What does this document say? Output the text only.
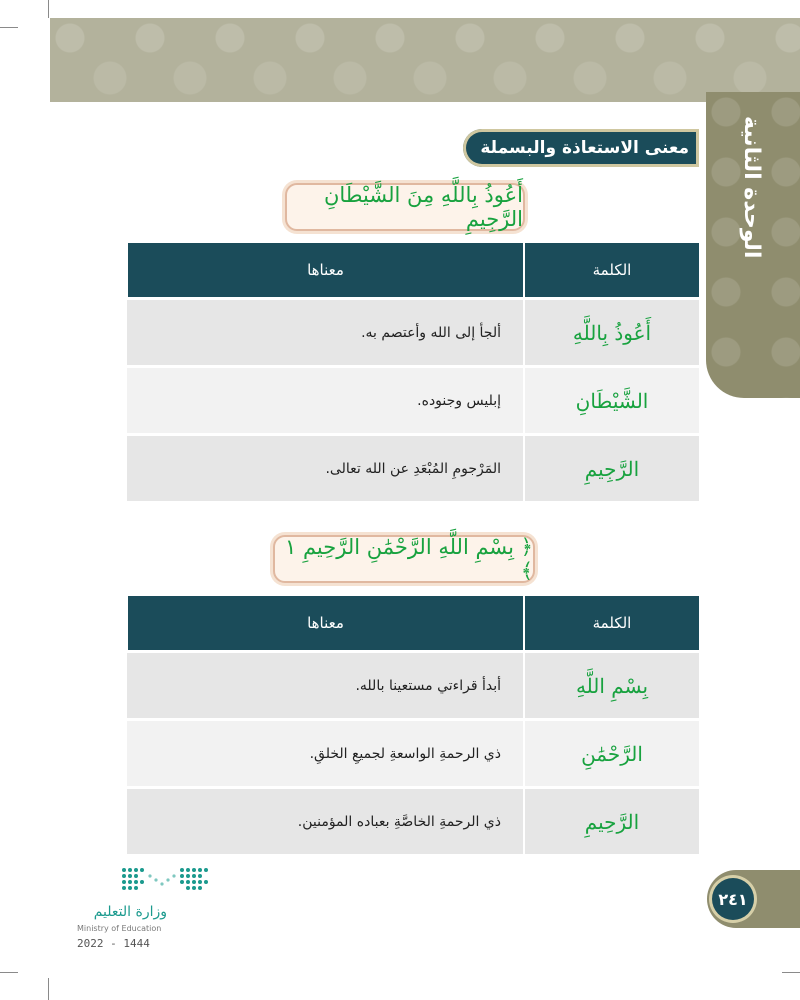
الوحدة الثانية
معنى الاستعاذة والبسملة
أَعُوذُ بِاللَّهِ مِنَ الشَّيْطَانِ الرَّجِيمِ
الكلمة	معناها
أَعُوذُ بِاللَّهِ	ألجأ إلى الله وأعتصم به.
الشَّيْطَانِ	إبليس وجنوده.
الرَّجِيمِ	المَرْجومِ المُبْعَدِ عن الله تعالى.
﴿ بِسْمِ اللَّهِ الرَّحْمَٰنِ الرَّحِيمِ ١ ﴾
الكلمة	معناها
بِسْمِ اللَّهِ	أبدأ قراءتي مستعينا بالله.
الرَّحْمَٰنِ	ذي الرحمةِ الواسعةِ لجميعِ الخلقِ.
الرَّحِيمِ	ذي الرحمةِ الخاصَّةِ بعباده المؤمنين.
وزارة التعليم
Ministry of Education
2022 - 1444
٢٤١
